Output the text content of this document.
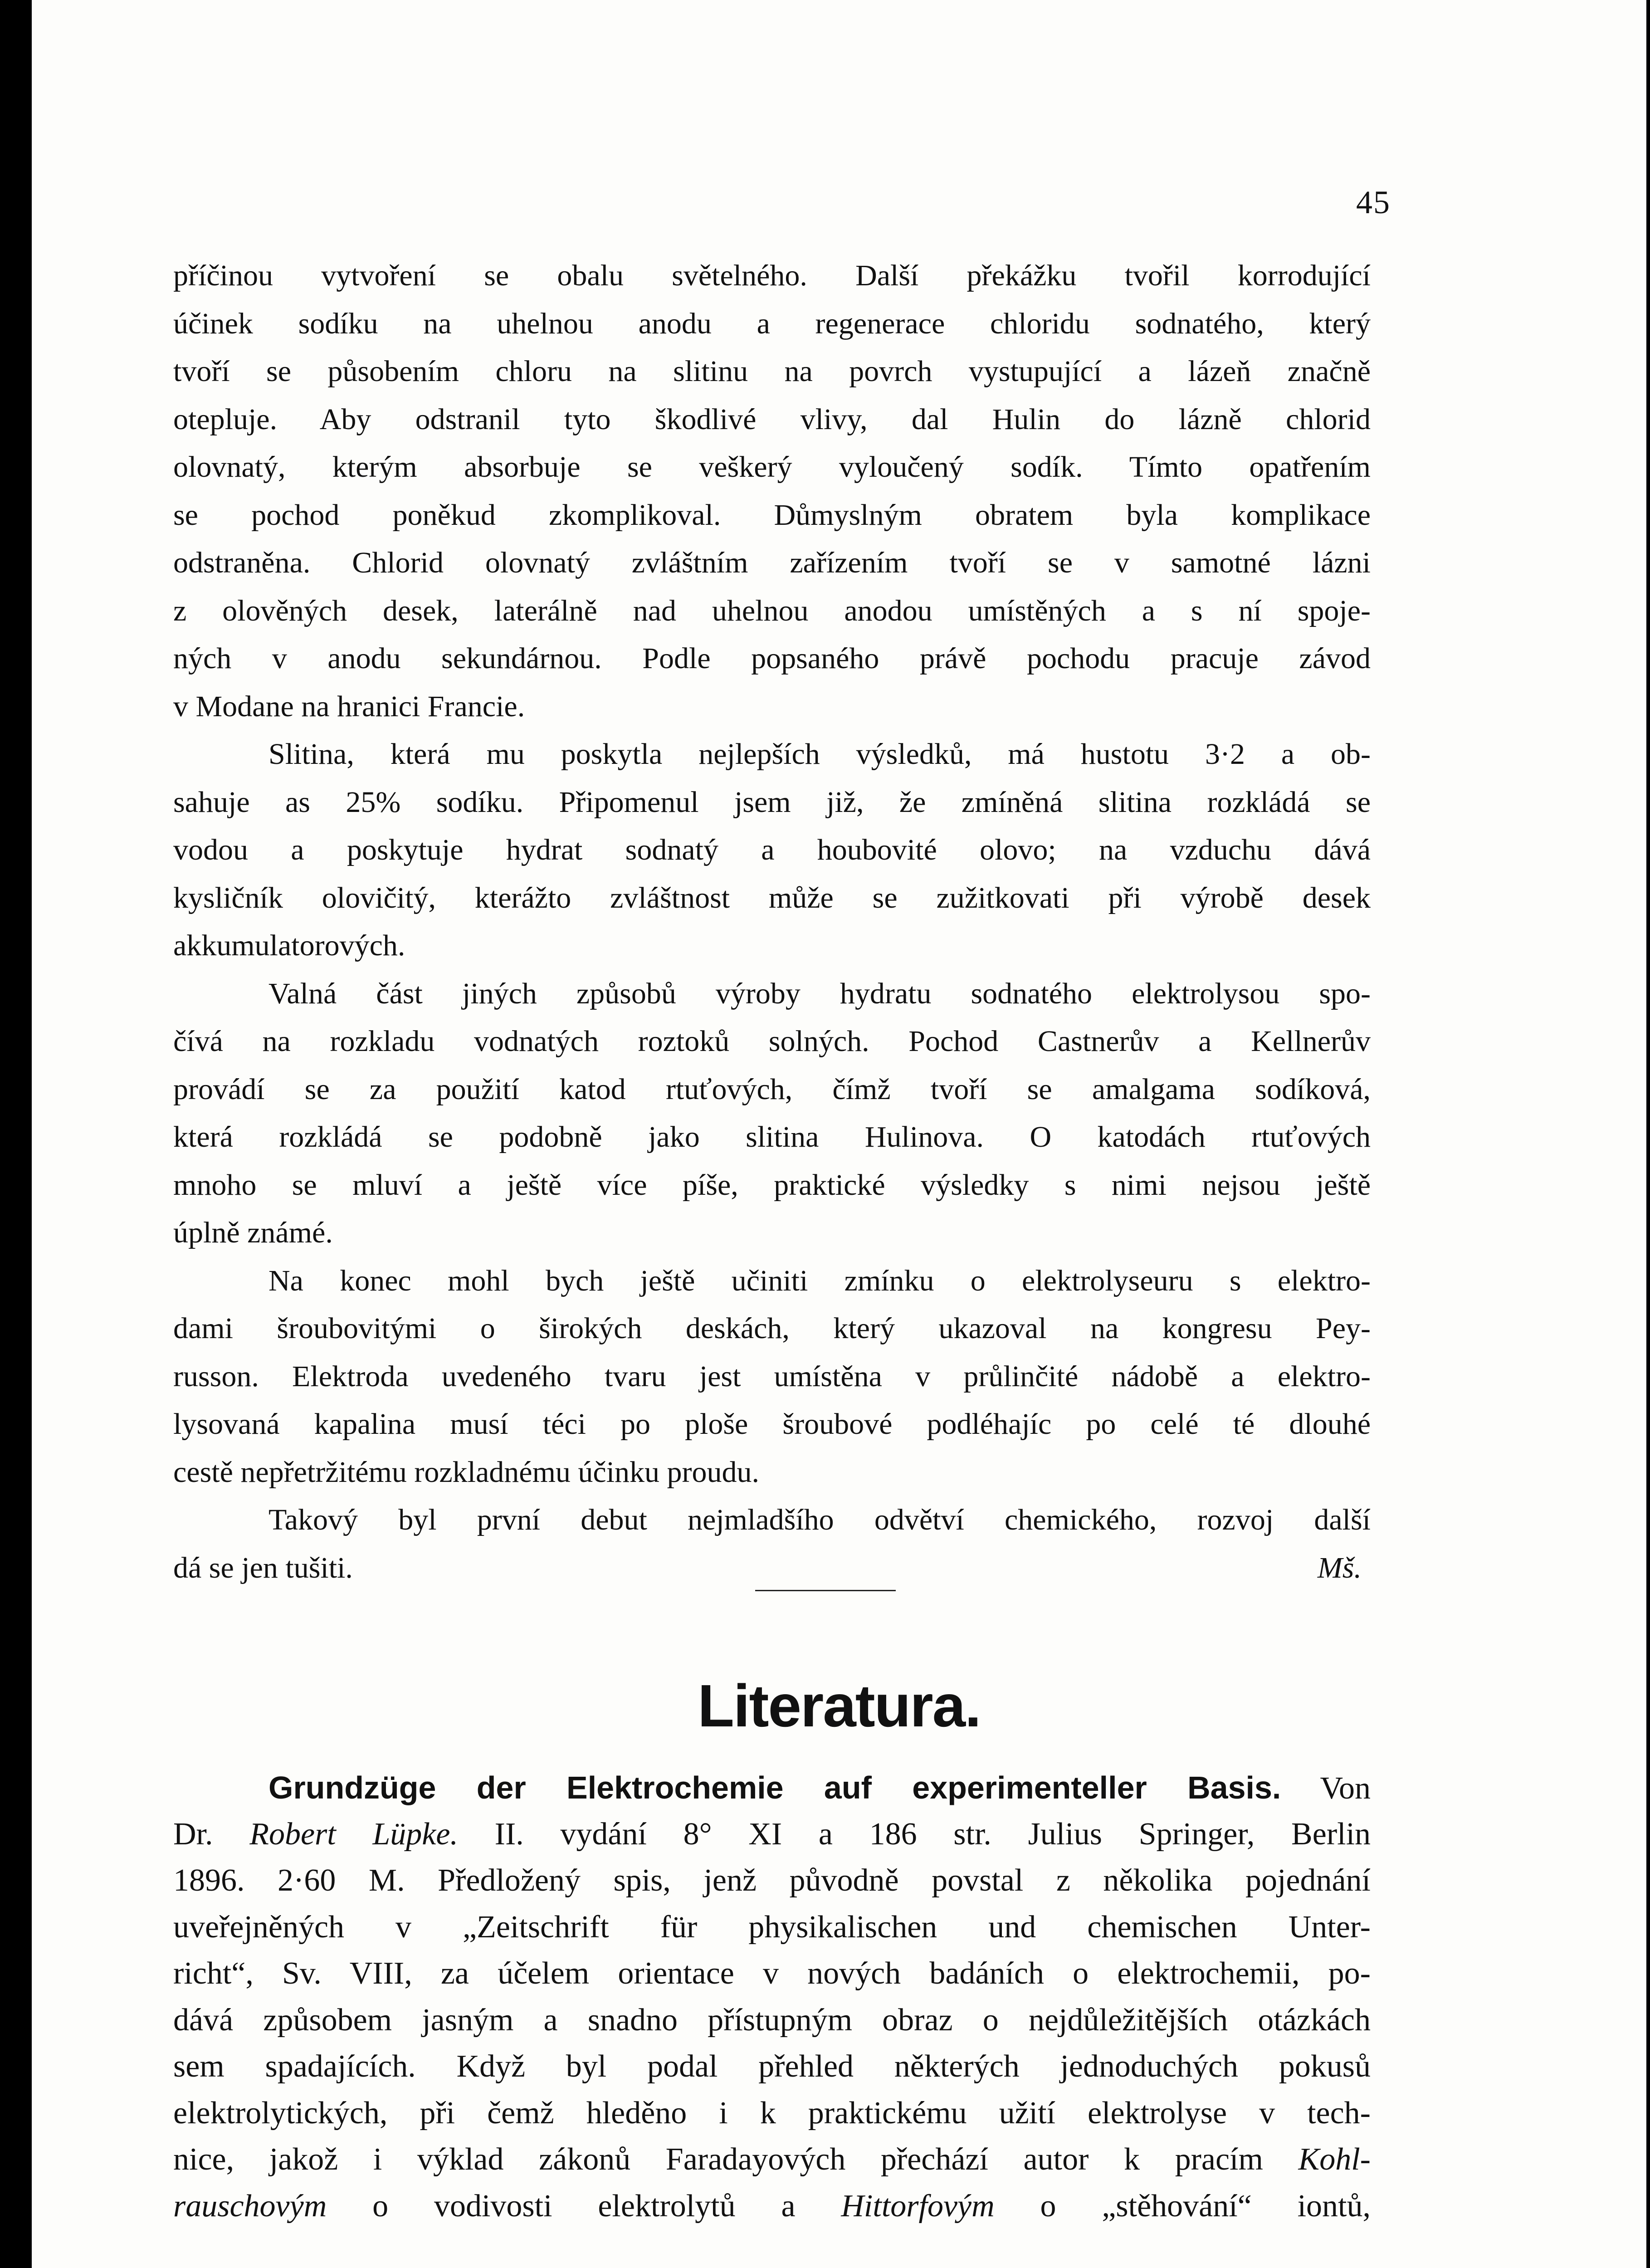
45
příčinou vytvoření se obalu světelného. Další překážku tvořil korrodující
účinek sodíku na uhelnou anodu a regenerace chloridu sodnatého, který
tvoří se působením chloru na slitinu na povrch vystupující a lázeň značně
otepluje. Aby odstranil tyto škodlivé vlivy, dal Hulin do lázně chlorid
olovnatý, kterým absorbuje se veškerý vyloučený sodík. Tímto opatřením
se pochod poněkud zkomplikoval. Důmyslným obratem byla komplikace
odstraněna. Chlorid olovnatý zvláštním zařízením tvoří se v samotné lázni
z olověných desek, laterálně nad uhelnou anodou umístěných a s ní spoje-
ných v anodu sekundárnou. Podle popsaného právě pochodu pracuje závod
v Modane na hranici Francie.
Slitina, která mu poskytla nejlepších výsledků, má hustotu 3·2 a ob-
sahuje as 25% sodíku. Připomenul jsem již, že zmíněná slitina rozkládá se
vodou a poskytuje hydrat sodnatý a houbovité olovo; na vzduchu dává
kysličník olovičitý, kterážto zvláštnost může se zužitkovati při výrobě desek
akkumulatorových.
Valná část jiných způsobů výroby hydratu sodnatého elektrolysou spo-
čívá na rozkladu vodnatých roztoků solných. Pochod Castnerův a Kellnerův
provádí se za použití katod rtuťových, čímž tvoří se amalgama sodíková,
která rozkládá se podobně jako slitina Hulinova. O katodách rtuťových
mnoho se mluví a ještě více píše, praktické výsledky s nimi nejsou ještě
úplně známé.
Na konec mohl bych ještě učiniti zmínku o elektrolyseuru s elektro-
dami šroubovitými o širokých deskách, který ukazoval na kongresu Pey-
russon. Elektroda uvedeného tvaru jest umístěna v průlinčité nádobě a elektro-
lysovaná kapalina musí téci po ploše šroubové podléhajíc po celé té dlouhé
cestě nepřetržitému rozkladnému účinku proudu.
Takový byl první debut nejmladšího odvětví chemického, rozvoj další
dá se jen tušiti.	Mš.
Literatura.
Grundzüge der Elektrochemie auf experimenteller Basis. Von
Dr. Robert Lüpke. II. vydání 8° XI a 186 str. Julius Springer, Berlin
1896. 2·60 M. Předložený spis, jenž původně povstal z několika pojednání
uveřejněných v „Zeitschrift für physikalischen und chemischen Unter-
richt“, Sv. VIII, za účelem orientace v nových badáních o elektrochemii, po-
dává způsobem jasným a snadno přístupným obraz o nejdůležitějších otázkách
sem spadajících. Když byl podal přehled některých jednoduchých pokusů
elektrolytických, při čemž hleděno i k praktickému užití elektrolyse v tech-
nice, jakož i výklad zákonů Faradayových přechází autor k pracím Kohl-
rauschovým o vodivosti elektrolytů a Hittorfovým o „stěhování“ iontů,
